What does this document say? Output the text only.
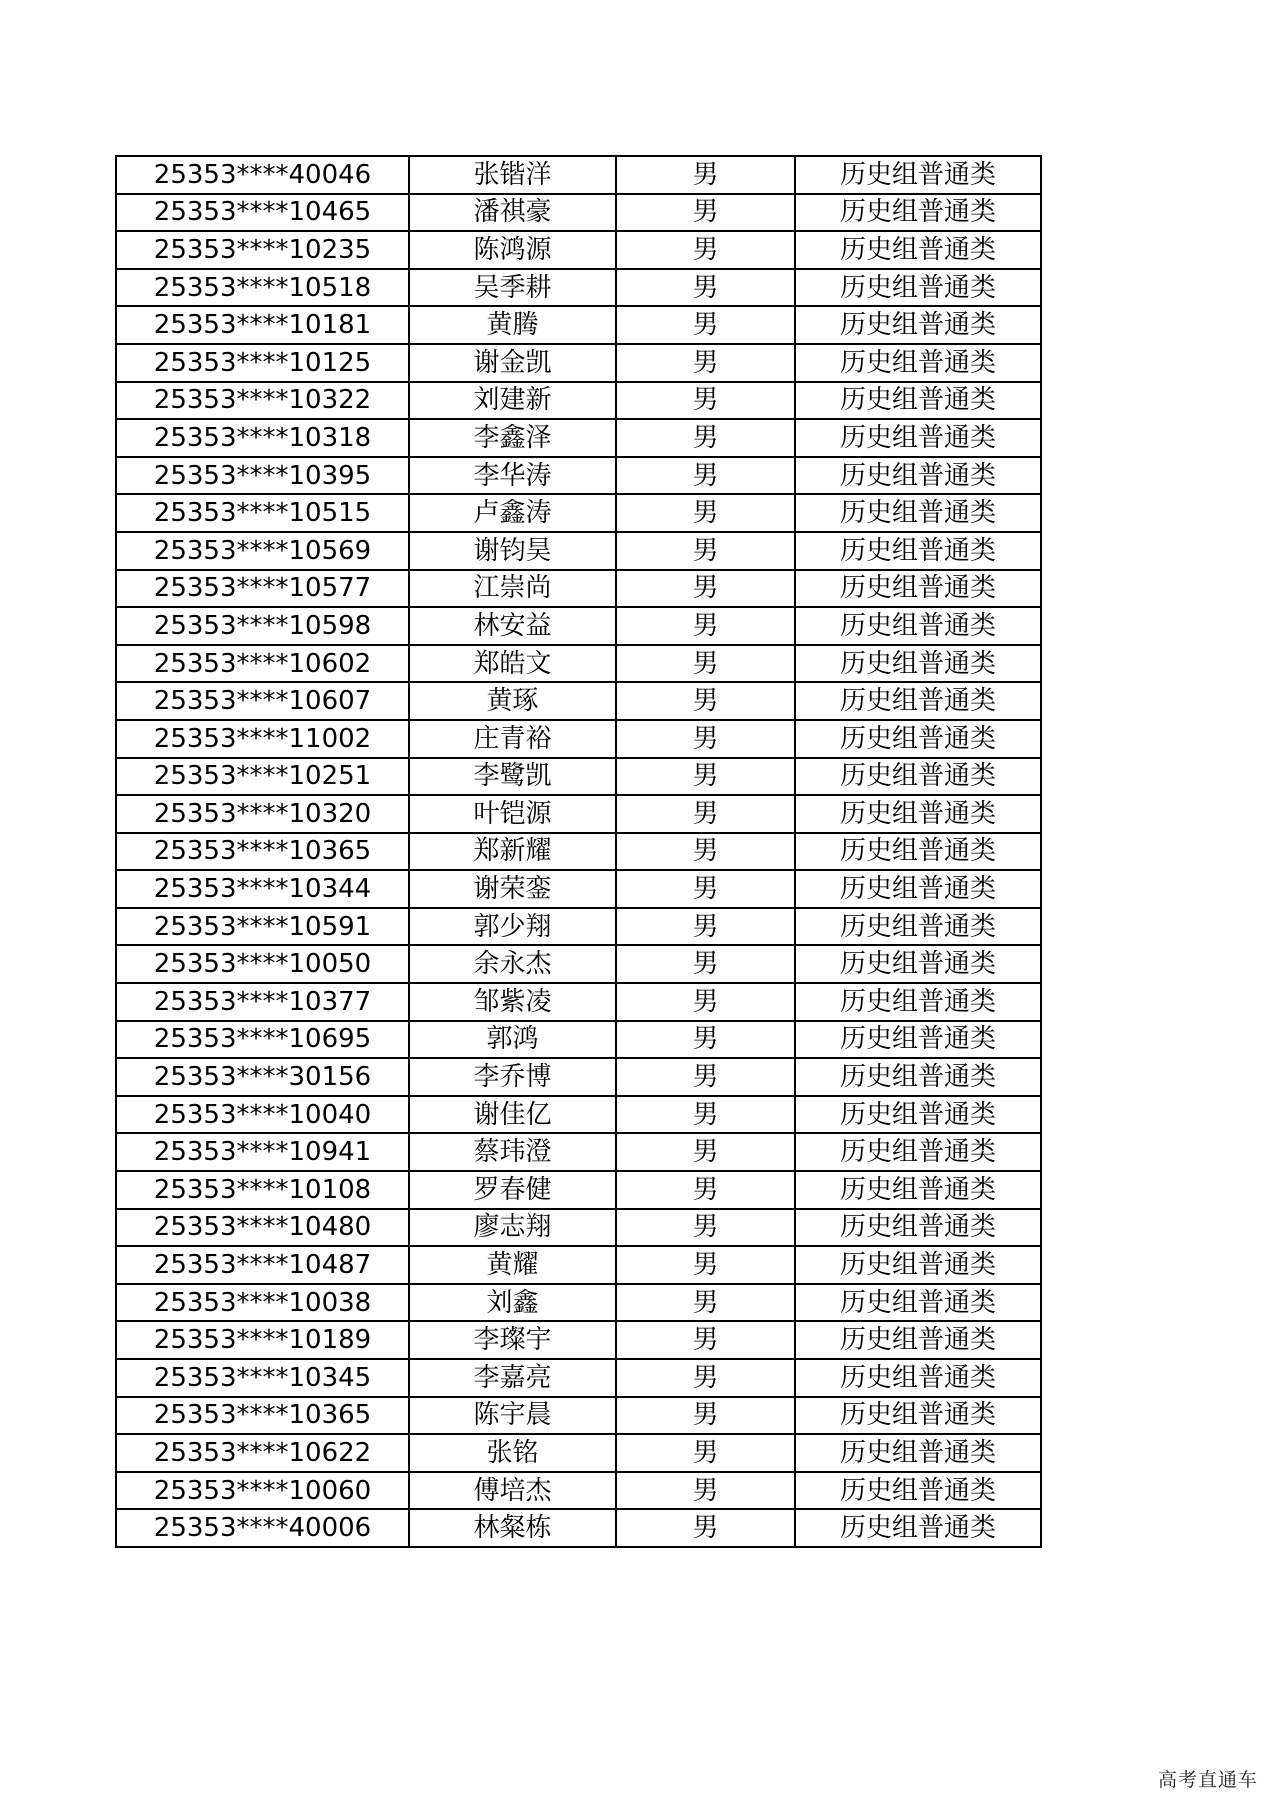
25353****40046	张锴洋	男	历史组普通类
25353****10465	潘祺豪	男	历史组普通类
25353****10235	陈鸿源	男	历史组普通类
25353****10518	吴季耕	男	历史组普通类
25353****10181	黄腾	男	历史组普通类
25353****10125	谢金凯	男	历史组普通类
25353****10322	刘建新	男	历史组普通类
25353****10318	李鑫泽	男	历史组普通类
25353****10395	李华涛	男	历史组普通类
25353****10515	卢鑫涛	男	历史组普通类
25353****10569	谢钧昊	男	历史组普通类
25353****10577	江崇尚	男	历史组普通类
25353****10598	林安益	男	历史组普通类
25353****10602	郑皓文	男	历史组普通类
25353****10607	黄琢	男	历史组普通类
25353****11002	庄青裕	男	历史组普通类
25353****10251	李鹭凯	男	历史组普通类
25353****10320	叶铠源	男	历史组普通类
25353****10365	郑新耀	男	历史组普通类
25353****10344	谢荣銮	男	历史组普通类
25353****10591	郭少翔	男	历史组普通类
25353****10050	余永杰	男	历史组普通类
25353****10377	邹紫凌	男	历史组普通类
25353****10695	郭鸿	男	历史组普通类
25353****30156	李乔博	男	历史组普通类
25353****10040	谢佳亿	男	历史组普通类
25353****10941	蔡玮澄	男	历史组普通类
25353****10108	罗春健	男	历史组普通类
25353****10480	廖志翔	男	历史组普通类
25353****10487	黄耀	男	历史组普通类
25353****10038	刘鑫	男	历史组普通类
25353****10189	李璨宇	男	历史组普通类
25353****10345	李嘉亮	男	历史组普通类
25353****10365	陈宇晨	男	历史组普通类
25353****10622	张铭	男	历史组普通类
25353****10060	傅培杰	男	历史组普通类
25353****40006	林粲栋	男	历史组普通类
高考直通车
